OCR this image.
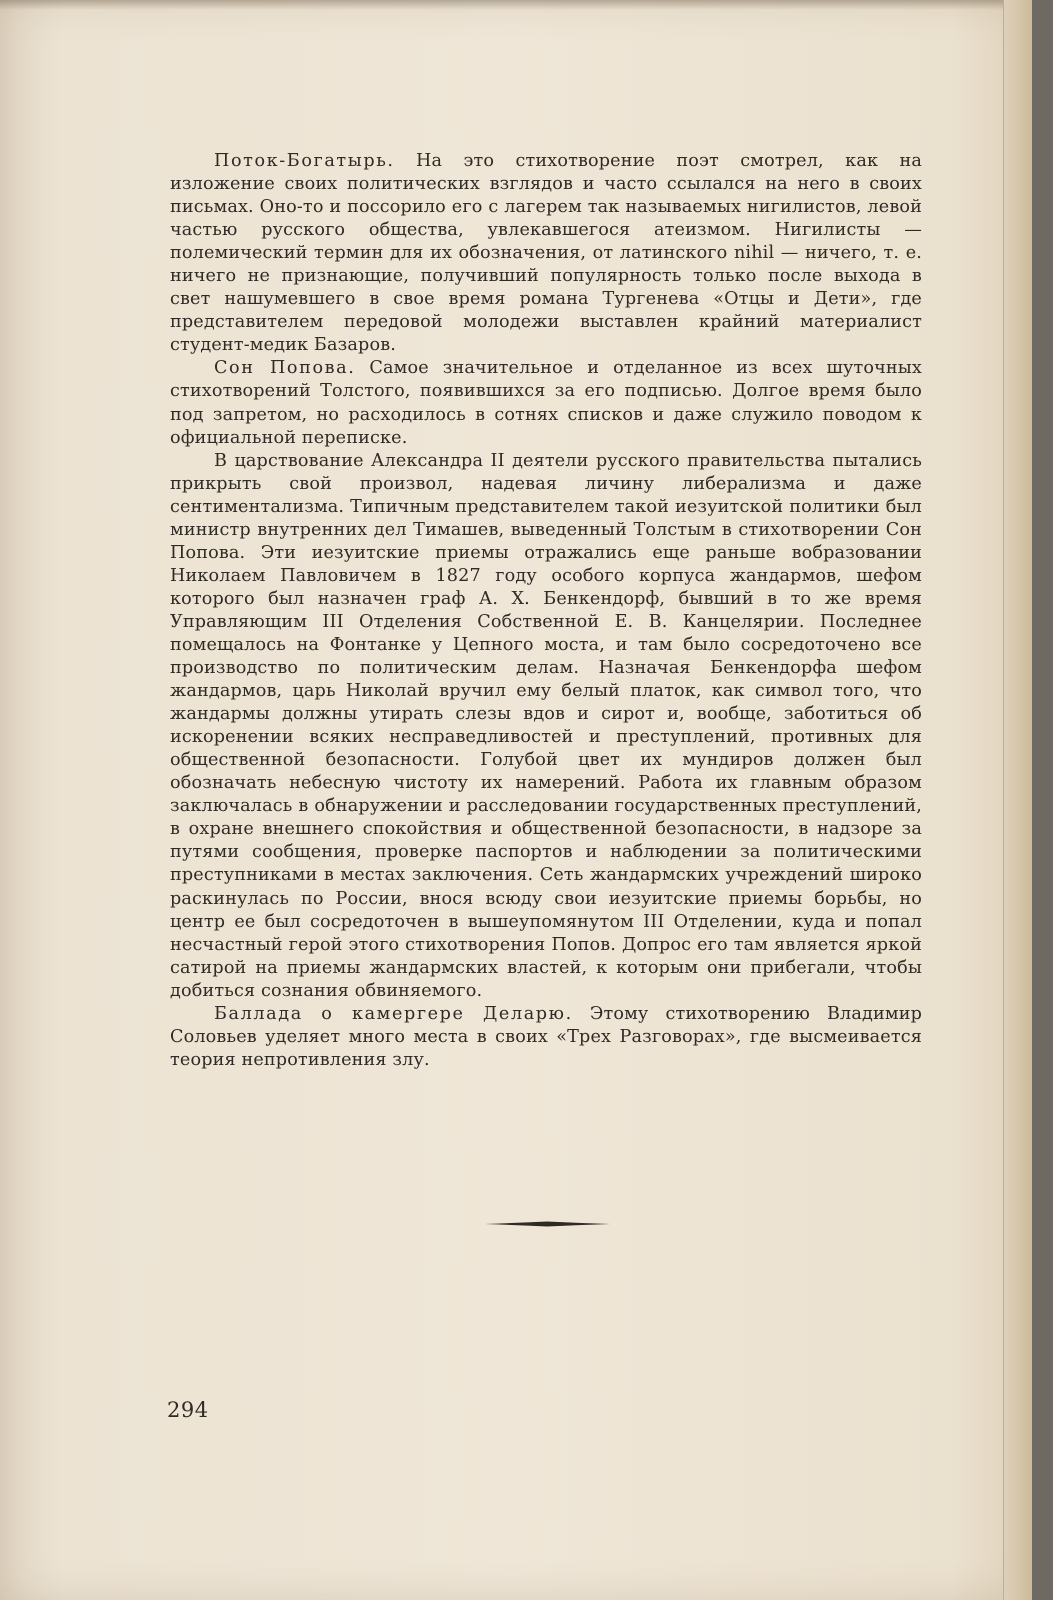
Поток-Богатырь. На это стихотворение поэт смотрел, как на изложение своих политических взглядов и часто ссылался на него в своих письмах. Оно-то и поссорило его с лагерем так называемых нигилистов, левой частью русского общества, увлекавшегося атеизмом. Нигилисты — полемический термин для их обозначения, от латинского nihil — ничего, т. е. ничего не признающие, получивший популярность только после выхода в свет нашумевшего в свое время романа Тургенева «Отцы и Дети», где представителем передовой молодежи выставлен крайний материалист студент-медик Базаров.

Сон Попова. Самое значительное и отделанное из всех шуточных стихотворений Толстого, появившихся за его подписью. Долгое время было под запретом, но расходилось в сотнях списков и даже служило поводом к официальной переписке.

В царствование Александра II деятели русского правительства пытались прикрыть свой произвол, надевая личину либерализма и даже сентиментализма. Типичным представителем такой иезуитской политики был министр внутренних дел Тимашев, выведенный Толстым в стихотворении Сон Попова. Эти иезуитские приемы отражались еще раньше вобразовании Николаем Павловичем в 1827 году особого корпуса жандармов, шефом которого был назначен граф А. Х. Бенкендорф, бывший в то же время Управляющим III Отделения Собственной Е. В. Канцелярии. Последнее помещалось на Фонтанке у Цепного моста, и там было сосредоточено все производство по политическим делам. Назначая Бенкендорфа шефом жандармов, царь Николай вручил ему белый платок, как символ того, что жандармы должны утирать слезы вдов и сирот и, вообще, заботиться об искоренении всяких несправедливостей и преступлений, противных для общественной безопасности. Голубой цвет их мундиров должен был обозначать небесную чистоту их намерений. Работа их главным образом заключалась в обнаружении и расследовании государственных преступлений, в охране внешнего спокойствия и общественной безопасности, в надзоре за путями сообщения, проверке паспортов и наблюдении за политическими преступниками в местах заключения. Сеть жандармских учреждений широко раскинулась по России, внося всюду свои иезуитские приемы борьбы, но центр ее был сосредоточен в вышеупомянутом III Отделении, куда и попал несчастный герой этого стихотворения Попов. Допрос его там является яркой сатирой на приемы жандармских властей, к которым они прибегали, чтобы добиться сознания обвиняемого.

Баллада о камергере Деларю. Этому стихотворению Владимир Соловьев уделяет много места в своих «Трех Разговорах», где высмеивается теория непротивления злу.

294
